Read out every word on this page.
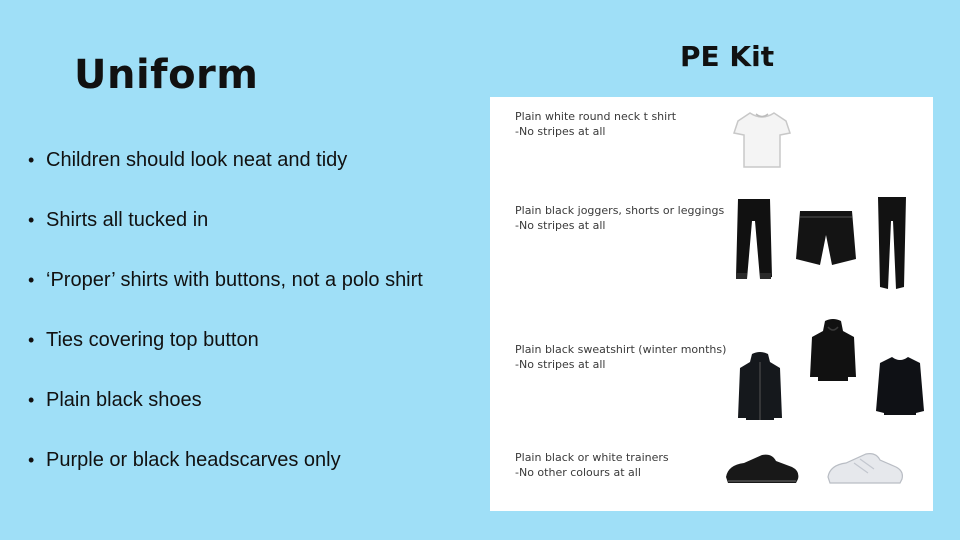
Uniform
• Children should look neat and tidy
• Shirts all tucked in
• ‘Proper’ shirts with buttons, not a polo shirt
• Ties covering top button
• Plain black shoes
• Purple or black headscarves only
PE Kit
Plain white round neck t shirt
-No stripes at all
Plain black joggers, shorts or leggings
-No stripes at all
Plain black sweatshirt (winter months)
-No stripes at all
Plain black or white trainers
-No other colours at all
